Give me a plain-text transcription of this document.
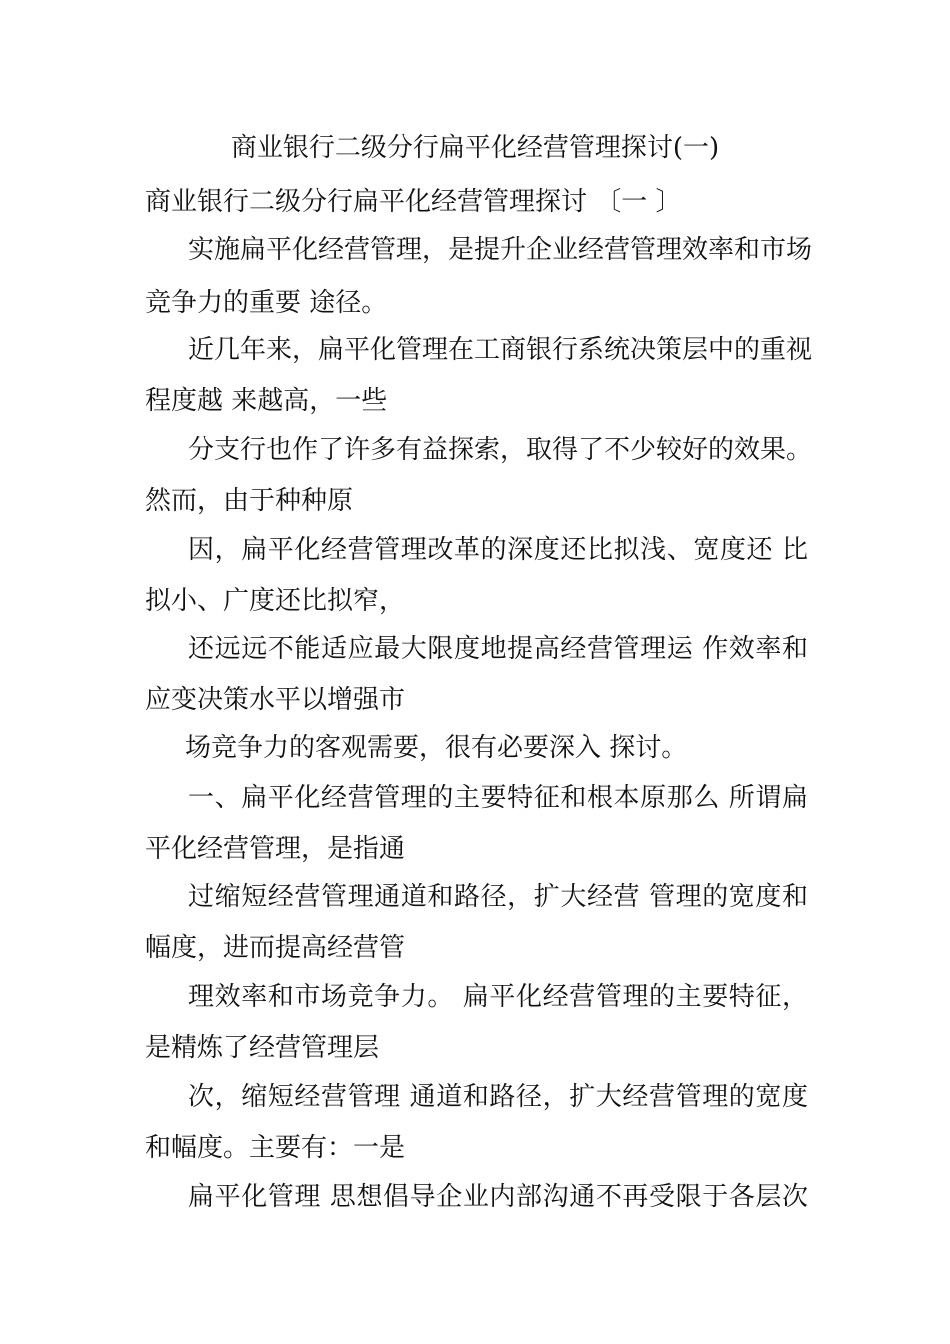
商业银行二级分行扁平化经营管理探讨(一)
商业银行二级分行扁平化经营管理探讨 〔一 〕
实施扁平化经营管理，是提升企业经营管理效率和市场
竞争力的重要 途径。
近几年来，扁平化管理在工商银行系统决策层中的重视
程度越 来越高，一些
分支行也作了许多有益探索，取得了不少较好的效果。
然而，由于种种原
因，扁平化经营管理改革的深度还比拟浅、宽度还 比
拟小、广度还比拟窄，
还远远不能适应最大限度地提高经营管理运 作效率和
应变决策水平以增强市
场竞争力的客观需要，很有必要深入 探讨。
一、扁平化经营管理的主要特征和根本原那么 所谓扁
平化经营管理，是指通
过缩短经营管理通道和路径，扩大经营 管理的宽度和
幅度，进而提高经营管
理效率和市场竞争力。 扁平化经营管理的主要特征，
是精炼了经营管理层
次，缩短经营管理 通道和路径，扩大经营管理的宽度
和幅度。主要有：一是
扁平化管理 思想倡导企业内部沟通不再受限于各层次
